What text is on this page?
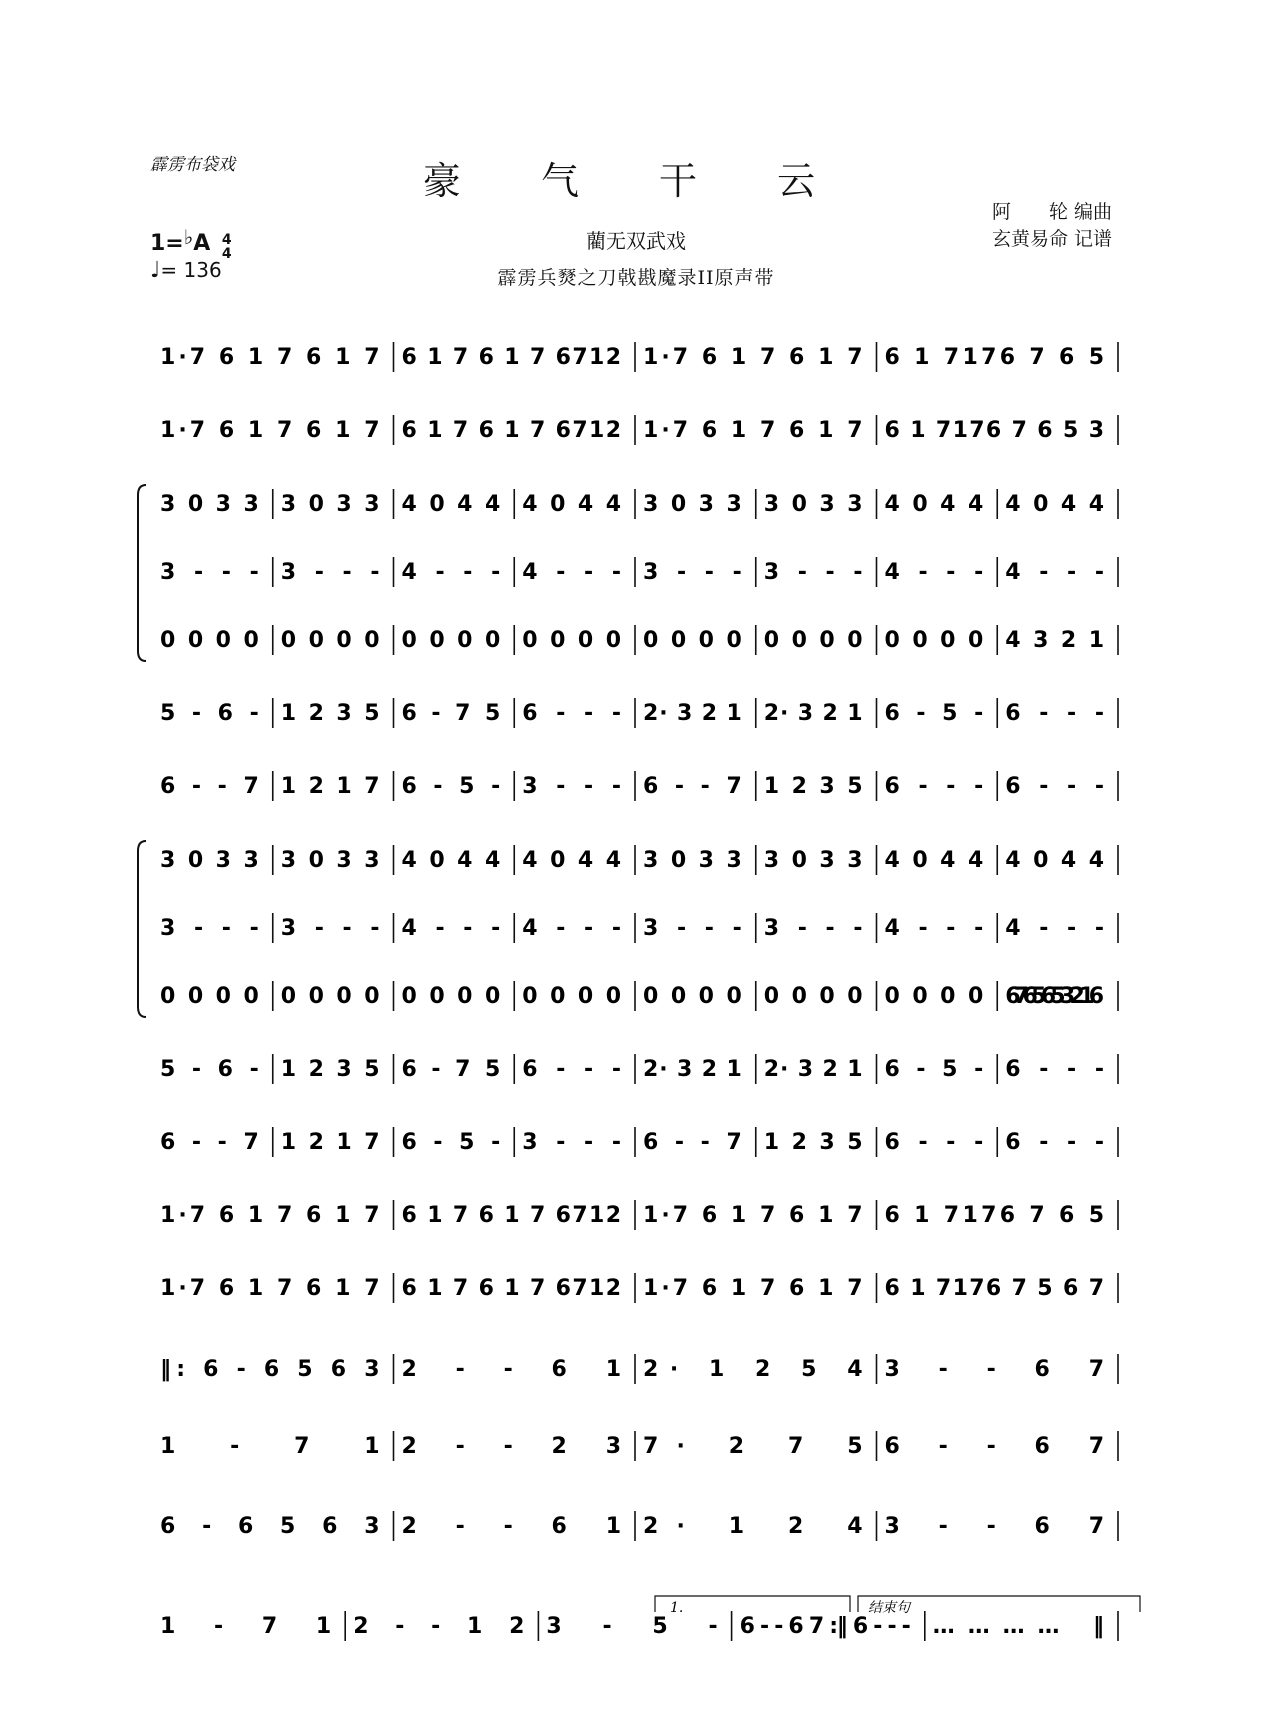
霹雳布袋戏	豪 气 干 云
藺无双武戏
霹雳兵燹之刀戟戡魔录II原声带
阿　　轮 编曲
玄黄易命 记谱
1=♭A 4
4
♩= 136
1·7 6 1 7 6 1 7 6 1 7 6 1 7 6712 1·7 6 1 7 6 1 7 6 1 7176 7 6 5
1·7 6 1 7 6 1 7 6 1 7 6 1 7 6712 1·7 6 1 7 6 1 7 6 1 7176 7 6 5 3
3 0 3 3 3 0 3 3 4 0 4 4 4 0 4 4 3 0 3 3 3 0 3 3 4 0 4 4 4 0 4 4
3 - - - 3 - - - 4 - - - 4 - - - 3 - - - 3 - - - 4 - - - 4 - - -
0 0 0 0 0 0 0 0 0 0 0 0 0 0 0 0 0 0 0 0 0 0 0 0 0 0 0 0 4 3 2 1
5 - 6 - 1 2 3 5 6 - 7 5 6 - - - 2· 3 2 1 2· 3 2 1 6 - 5 - 6 - - -
6 - - 7 1 2 1 7 6 - 5 - 3 - - - 6 - - 7 1 2 3 5 6 - - - 6 - - -
3 0 3 3 3 0 3 3 4 0 4 4 4 0 4 4 3 0 3 3 3 0 3 3 4 0 4 4 4 0 4 4
3 - - - 3 - - - 4 - - - 4 - - - 3 - - - 3 - - - 4 - - - 4 - - -
0 0 0 0 0 0 0 0 0 0 0 0 0 0 0 0 0 0 0 0 0 0 0 0 0 0 0 0 6765 6 5 3 2 1 6
5 - 6 - 1 2 3 5 6 - 7 5 6 - - - 2· 3 2 1 2· 3 2 1 6 - 5 - 6 - - -
6 - - 7 1 2 1 7 6 - 5 - 3 - - - 6 - - 7 1 2 3 5 6 - - - 6 - - -
1·7 6 1 7 6 1 7 6 1 7 6 1 7 6712 1·7 6 1 7 6 1 7 6 1 7176 7 6 5
1·7 6 1 7 6 1 7 6 1 7 6 1 7 6712 1·7 6 1 7 6 1 7 6 1 7176 7 5 6 7
‖: 6 - 6 5 6 3 2 - - 6 1 2· 1 2 5 4 3 - - 6 7
1 - 7 1 2 - - 2 3 7· 2 7 5 6 - - 6 7
6 - 6 5 6 3 2 - - 6 1 2· 1 2 4 3 - - 6 7
1 - 7 1 2 - - 1 2 3 - 5 - 6 - - 6 7 :‖ 6 - - - ………… ‖
1.	结束句
